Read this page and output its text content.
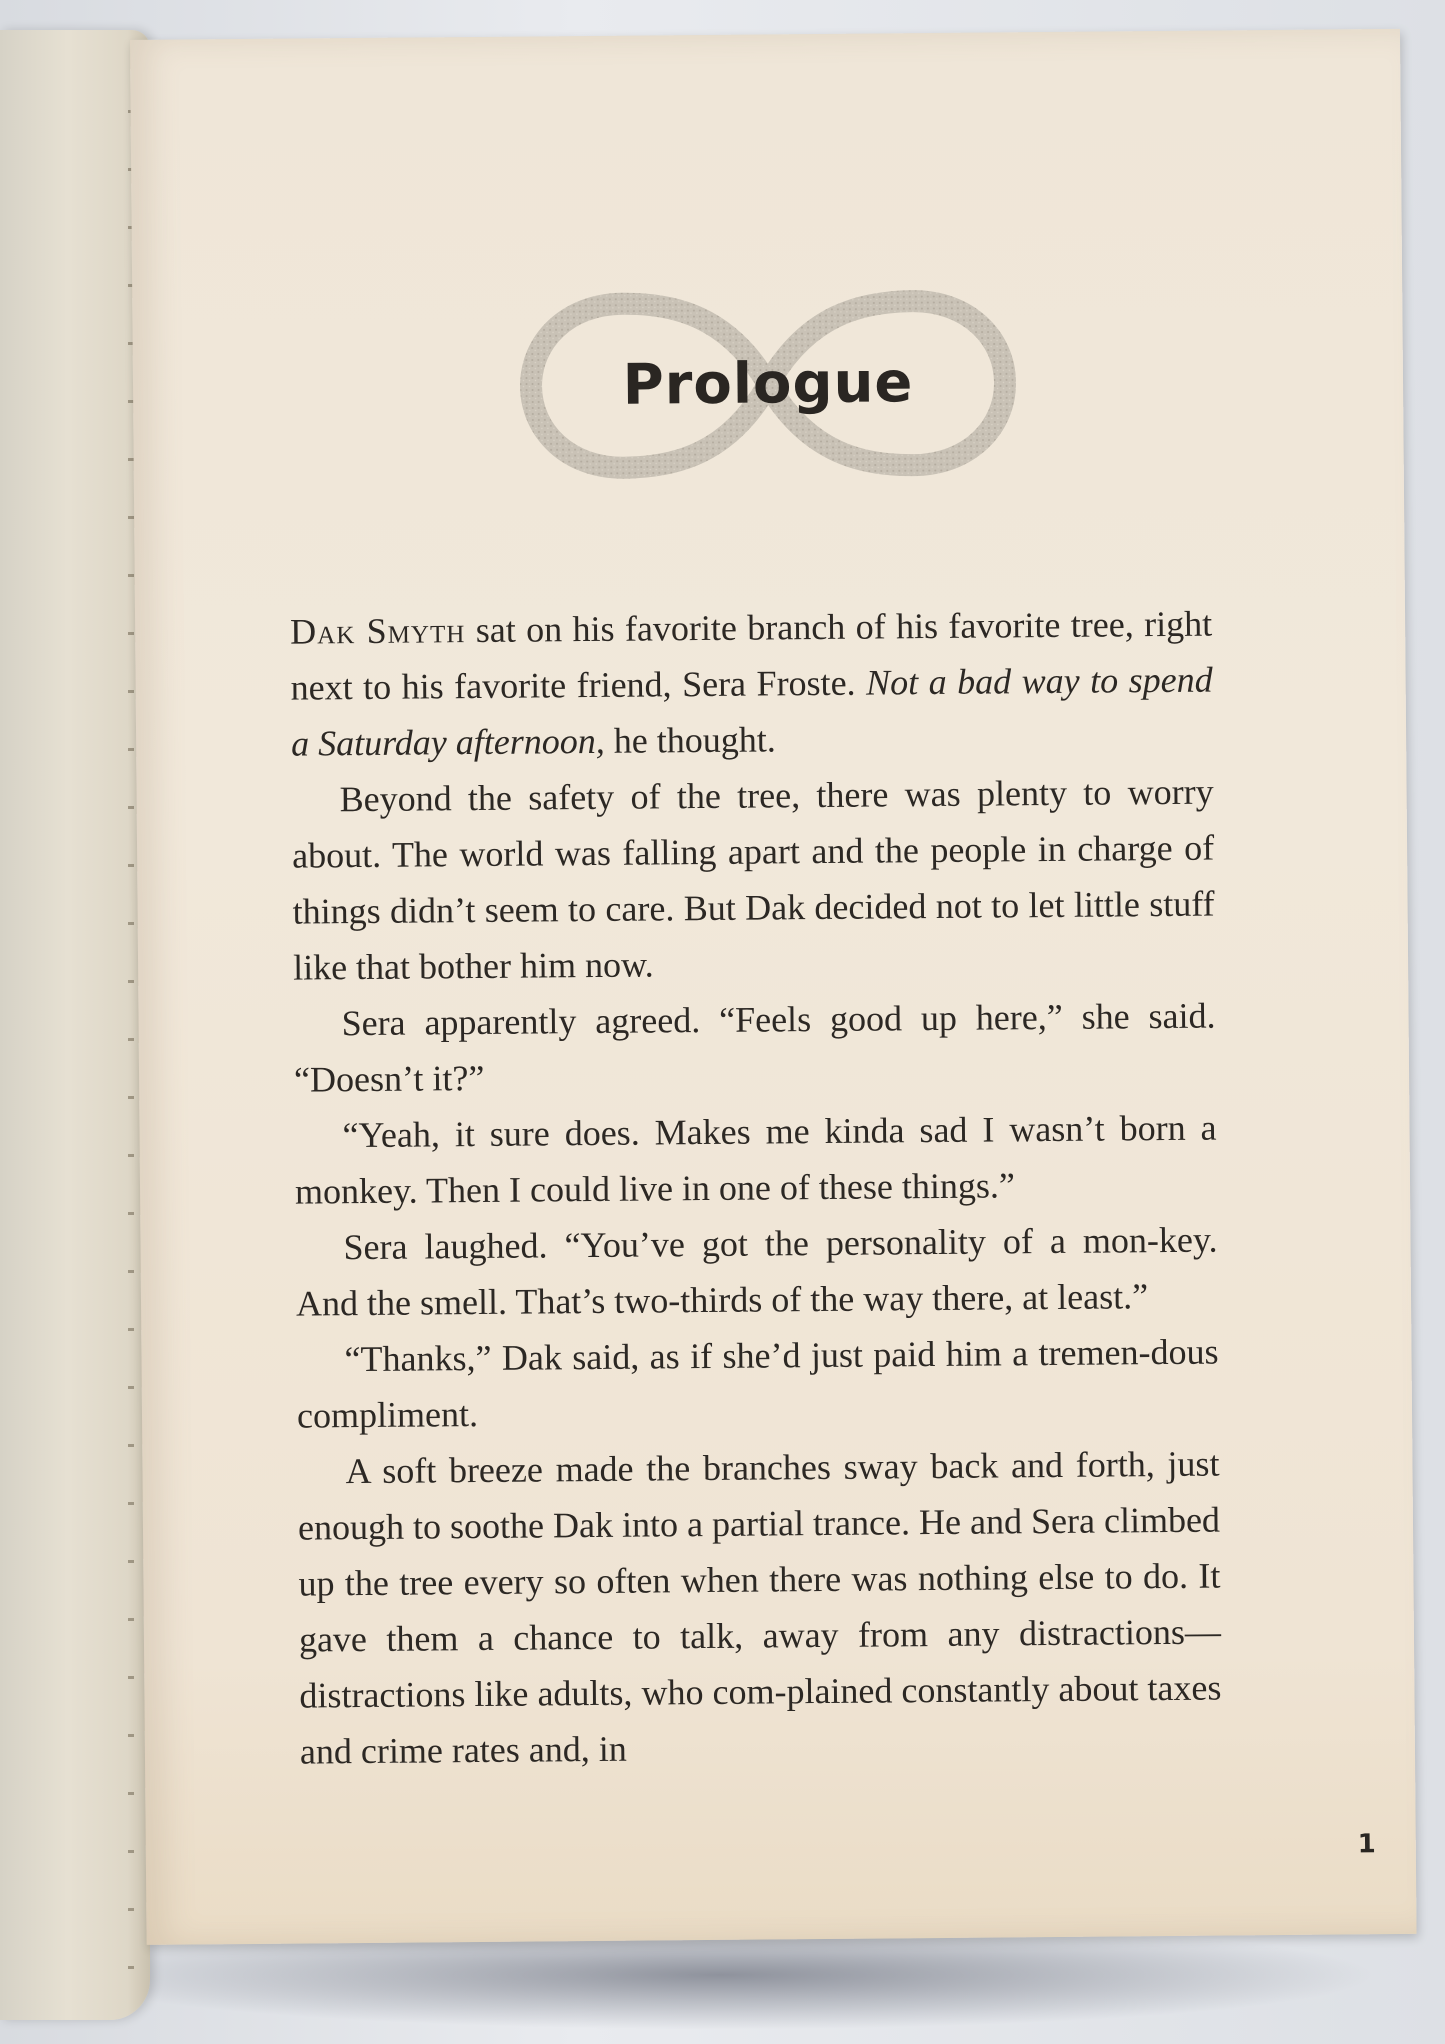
Prologue

Dak Smyth sat on his favorite branch of his favorite tree, right next to his favorite friend, Sera Froste. Not a bad way to spend a Saturday afternoon, he thought.

Beyond the safety of the tree, there was plenty to worry about. The world was falling apart and the people in charge of things didn’t seem to care. But Dak decided not to let little stuff like that bother him now.

Sera apparently agreed. “Feels good up here,” she said. “Doesn’t it?”

“Yeah, it sure does. Makes me kinda sad I wasn’t born a monkey. Then I could live in one of these things.”

Sera laughed. “You’ve got the personality of a mon-key. And the smell. That’s two-thirds of the way there, at least.”

“Thanks,” Dak said, as if she’d just paid him a tremen-dous compliment.

A soft breeze made the branches sway back and forth, just enough to soothe Dak into a partial trance. He and Sera climbed up the tree every so often when there was nothing else to do. It gave them a chance to talk, away from any distractions—distractions like adults, who com-plained constantly about taxes and crime rates and, in

1
